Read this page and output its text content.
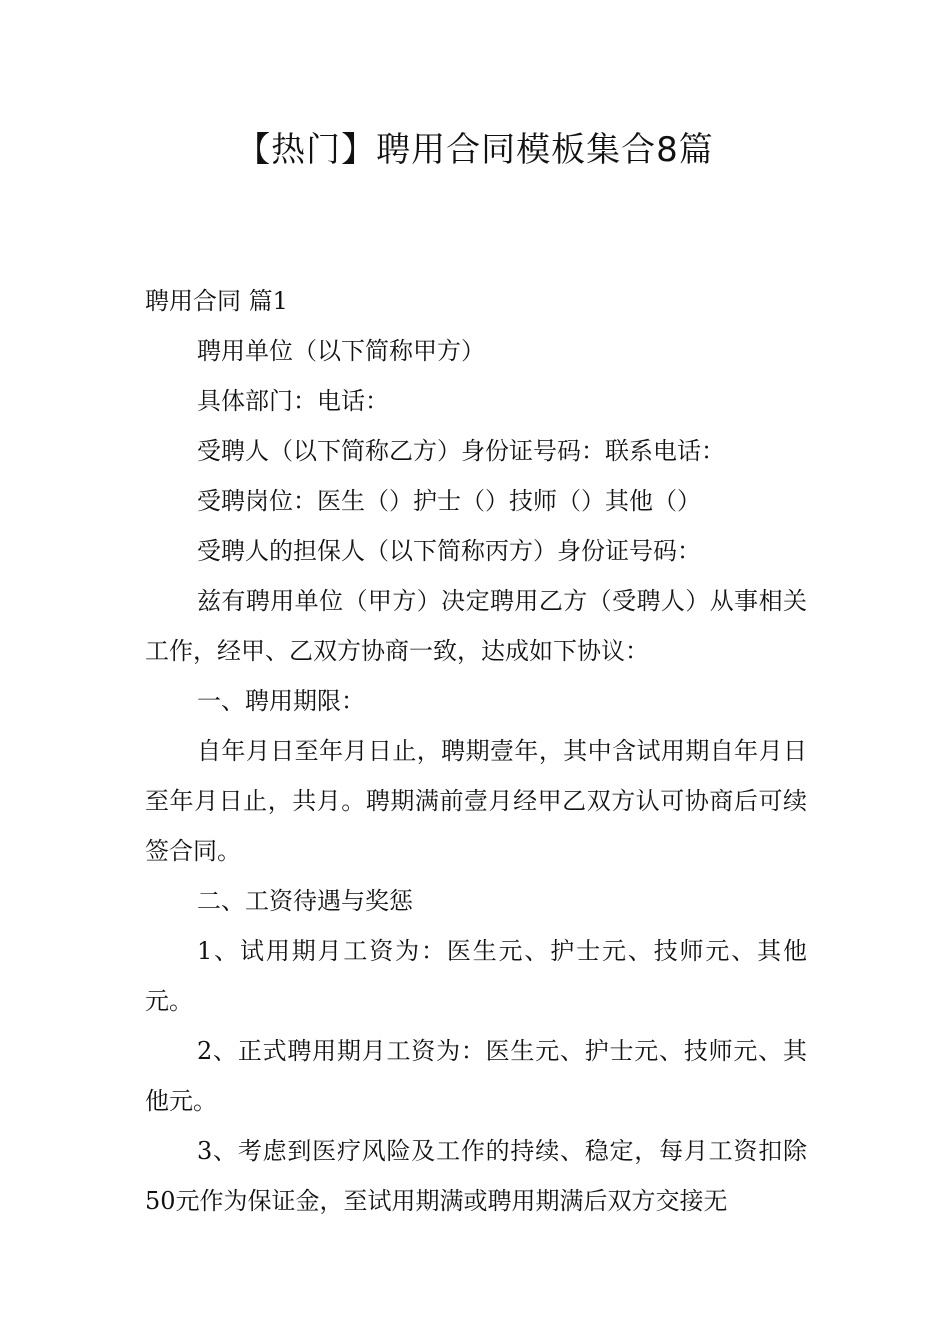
【热门】聘用合同模板集合8篇

聘用合同 篇1

聘用单位（以下简称甲方）

具体部门：电话：

受聘人（以下简称乙方）身份证号码：联系电话：

受聘岗位：医生（）护士（）技师（）其他（）

受聘人的担保人（以下简称丙方）身份证号码：

兹有聘用单位（甲方）决定聘用乙方（受聘人）从事相关工作，经甲、乙双方协商一致，达成如下协议：

一、聘用期限：

自年月日至年月日止，聘期壹年，其中含试用期自年月日至年月日止，共月。聘期满前壹月经甲乙双方认可协商后可续签合同。

二、工资待遇与奖惩

1、试用期月工资为：医生元、护士元、技师元、其他元。

2、正式聘用期月工资为：医生元、护士元、技师元、其他元。

3、考虑到医疗风险及工作的持续、稳定，每月工资扣除50元作为保证金，至试用期满或聘用期满后双方交接无
